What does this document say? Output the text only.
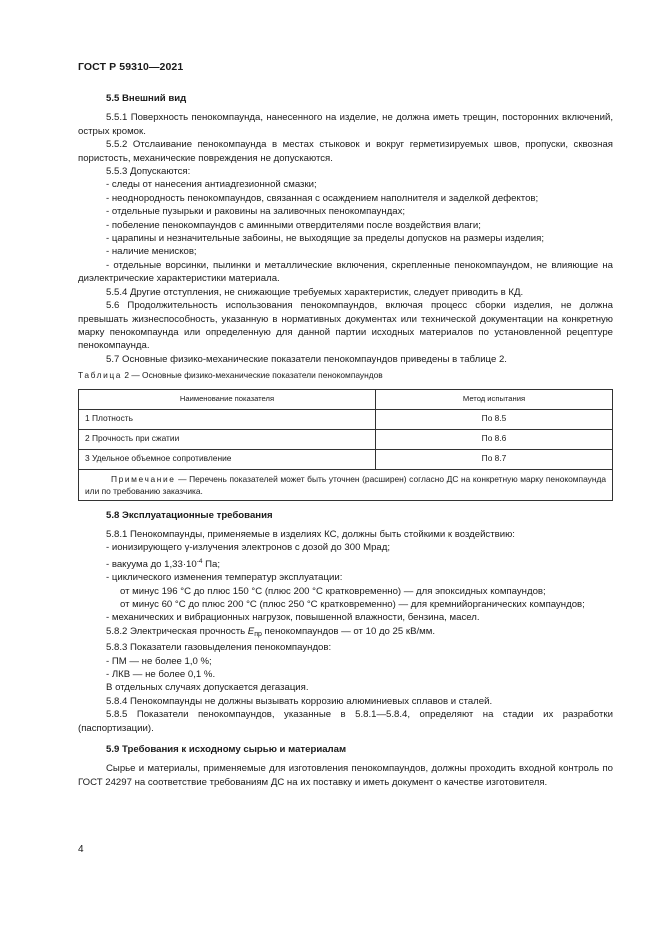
ГОСТ Р 59310—2021
5.5 Внешний вид
5.5.1 Поверхность пенокомпаунда, нанесенного на изделие, не должна иметь трещин, посторонних включений, острых кромок.
5.5.2 Отслаивание пенокомпаунда в местах стыковок и вокруг герметизируемых швов, пропуски, сквозная пористость, механические повреждения не допускаются.
5.5.3 Допускаются:
- следы от нанесения антиадгезионной смазки;
- неоднородность пенокомпаундов, связанная с осаждением наполнителя и заделкой дефектов;
- отдельные пузырьки и раковины на заливочных пенокомпаундах;
- побеление пенокомпаундов с аминными отвердителями после воздействия влаги;
- царапины и незначительные забоины, не выходящие за пределы допусков на размеры изделия;
- наличие менисков;
- отдельные ворсинки, пылинки и металлические включения, скрепленные пенокомпаундом, не влияющие на диэлектрические характеристики материала.
5.5.4 Другие отступления, не снижающие требуемых характеристик, следует приводить в КД.
5.6 Продолжительность использования пенокомпаундов, включая процесс сборки изделия, не должна превышать жизнеспособность, указанную в нормативных документах или технической документации на конкретную марку пенокомпаунда или определенную для данной партии исходных материалов по установленной рецептуре пенокомпаунда.
5.7 Основные физико-механические показатели пенокомпаундов приведены в таблице 2.
Таблица 2 — Основные физико-механические показатели пенокомпаундов
Наименование показателя	Метод испытания
1 Плотность	По 8.5
2 Прочность при сжатии	По 8.6
3 Удельное объемное сопротивление	По 8.7
Примечание — Перечень показателей может быть уточнен (расширен) согласно ДС на конкретную марку пенокомпаунда или по требованию заказчика.	
5.8 Эксплуатационные требования
5.8.1 Пенокомпаунды, применяемые в изделиях КС, должны быть стойкими к воздействию:
- ионизирующего γ-излучения электронов с дозой до 300 Мрад;
- вакуума до $1,33\cdot 10^{-4}$ Па;
- циклического изменения температур эксплуатации:
от минус 196 °С до плюс 150 °С (плюс 200 °С кратковременно) — для эпоксидных компаундов;
от минус 60 °С до плюс 200 °С (плюс 250 °С кратковременно) — для кремнийорганических компаундов;
- механических и вибрационных нагрузок, повышенной влажности, бензина, масел.
5.8.2 Электрическая прочность $E_{пр}$ пенокомпаундов — от 10 до 25 кВ/мм.
5.8.3 Показатели газовыделения пенокомпаундов:
- ПМ — не более 1,0 %;
- ЛКВ — не более 0,1 %.
В отдельных случаях допускается дегазация.
5.8.4 Пенокомпаунды не должны вызывать коррозию алюминиевых сплавов и сталей.
5.8.5 Показатели пенокомпаундов, указанные в 5.8.1—5.8.4, определяют на стадии их разработки (паспортизации).
5.9 Требования к исходному сырью и материалам
Сырье и материалы, применяемые для изготовления пенокомпаундов, должны проходить входной контроль по ГОСТ 24297 на соответствие требованиям ДС на их поставку и иметь документ о качестве изготовителя.
4
